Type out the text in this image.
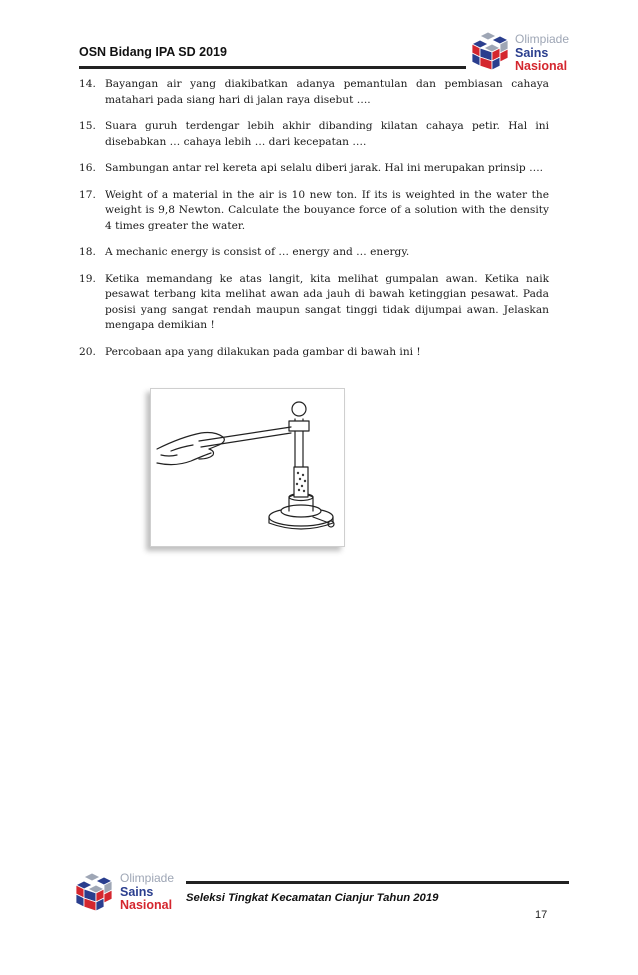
OSN Bidang IPA SD 2019
Olimpiade
Sains
Nasional
14. Bayangan air yang diakibatkan adanya pemantulan dan pembiasan cahaya matahari pada siang hari di jalan raya disebut ….
15. Suara guruh terdengar lebih akhir dibanding kilatan cahaya petir. Hal ini disebabkan … cahaya lebih … dari kecepatan ….
16. Sambungan antar rel kereta api selalu diberi jarak. Hal ini merupakan prinsip ….
17. Weight of a material in the air is 10 new ton. If its is weighted in the water the weight is 9,8 Newton. Calculate the bouyance force of a solution with the density 4 times greater the water.
18. A mechanic energy is consist of … energy and … energy.
19. Ketika memandang ke atas langit, kita melihat gumpalan awan. Ketika naik pesawat terbang kita melihat awan ada jauh di bawah ketinggian pesawat. Pada posisi yang sangat rendah maupun sangat tinggi tidak dijumpai awan. Jelaskan mengapa demikian !
20. Percobaan apa yang dilakukan pada gambar di bawah ini !
Olimpiade
Sains
Nasional Seleksi Tingkat Kecamatan Cianjur Tahun 2019
17
